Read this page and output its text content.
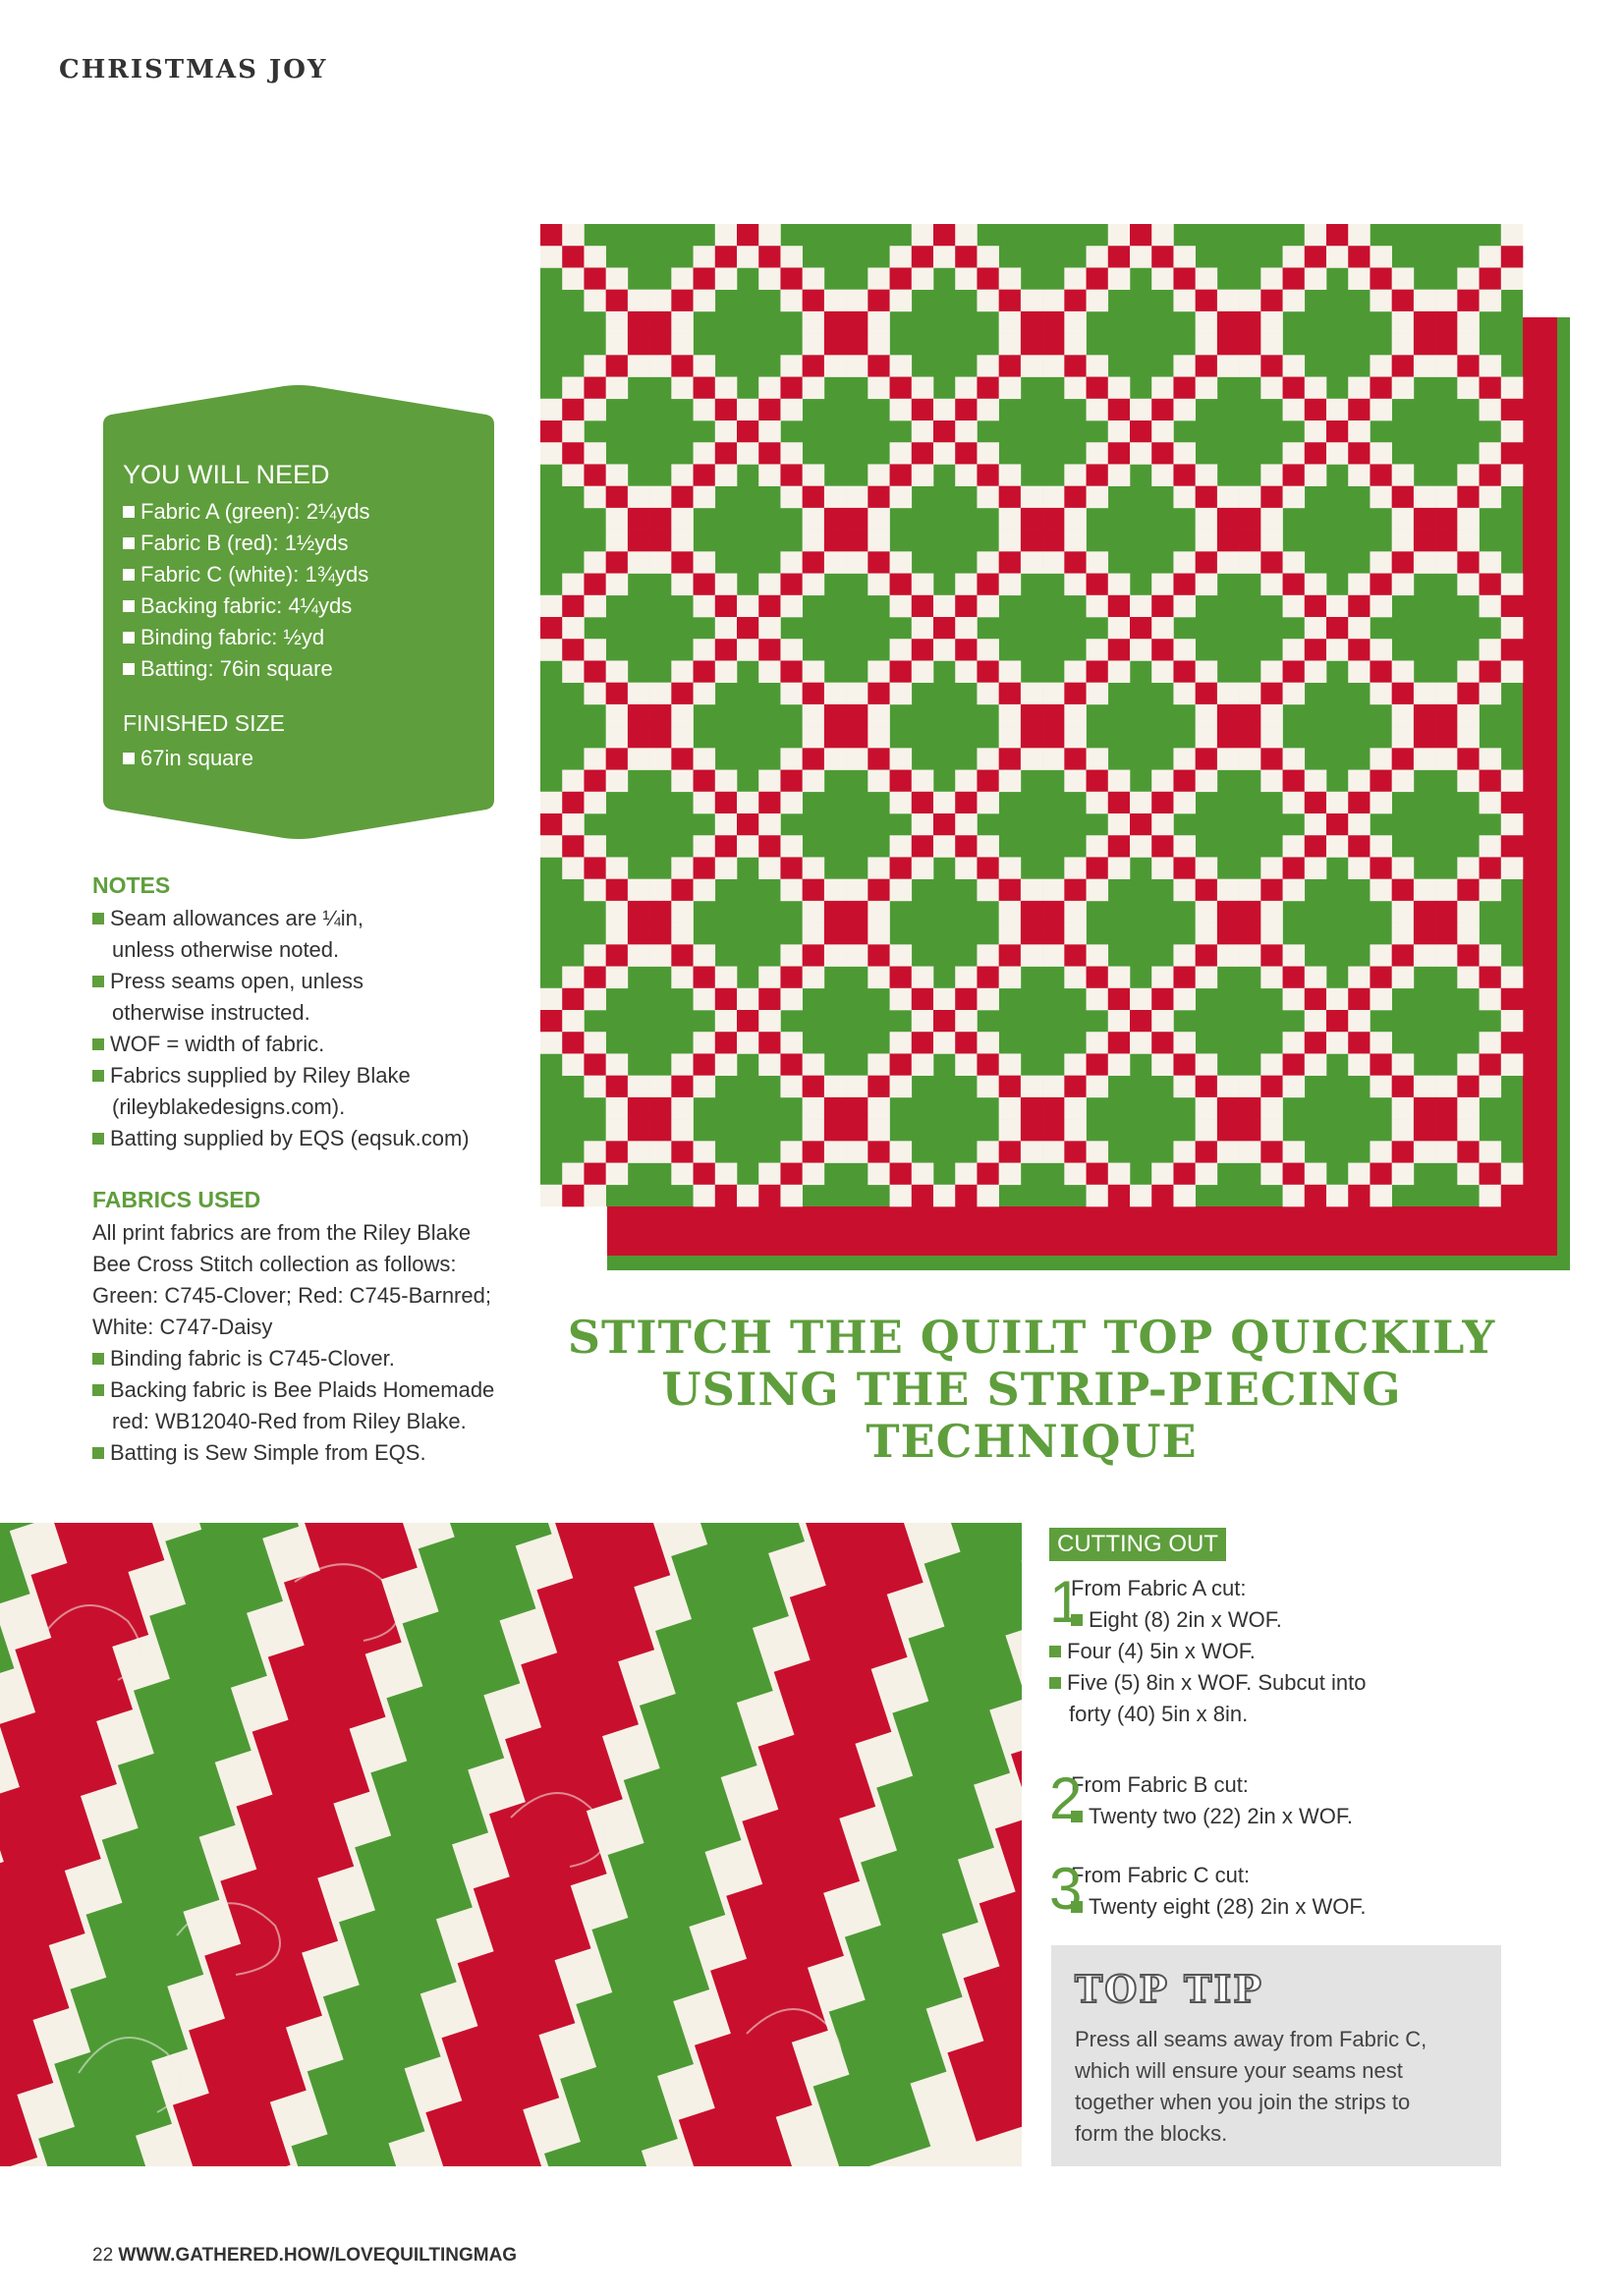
CHRISTMAS JOY
YOU WILL NEED
Fabric A (green): 2¼yds
Fabric B (red): 1½yds
Fabric C (white): 1¾yds
Backing fabric: 4¼yds
Binding fabric: ½yd
Batting: 76in square
FINISHED SIZE
67in square
NOTES
Seam allowances are ¼in,
unless otherwise noted.
Press seams open, unless
otherwise instructed.
WOF = width of fabric.
Fabrics supplied by Riley Blake
(rileyblakedesigns.com).
Batting supplied by EQS (eqsuk.com)
FABRICS USED
All print fabrics are from the Riley Blake
Bee Cross Stitch collection as follows:
Green: C745-Clover; Red: C745-Barnred;
White: C747-Daisy
Binding fabric is C745-Clover.
Backing fabric is Bee Plaids Homemade
red: WB12040-Red from Riley Blake.
Batting is Sew Simple from EQS.
STITCH THE QUILT TOP QUICKILY
USING THE STRIP-PIECING
TECHNIQUE
CUTTING OUT
1
From Fabric A cut:
Eight (8) 2in x WOF.
Four (4) 5in x WOF.
Five (5) 8in x WOF. Subcut into
forty (40) 5in x 8in.
2
From Fabric B cut:
Twenty two (22) 2in x WOF.
3
From Fabric C cut:
Twenty eight (28) 2in x WOF.
TOP TIP
Press all seams away from Fabric C,
which will ensure your seams nest
together when you join the strips to
form the blocks.
22 WWW.GATHERED.HOW/LOVEQUILTINGMAG
